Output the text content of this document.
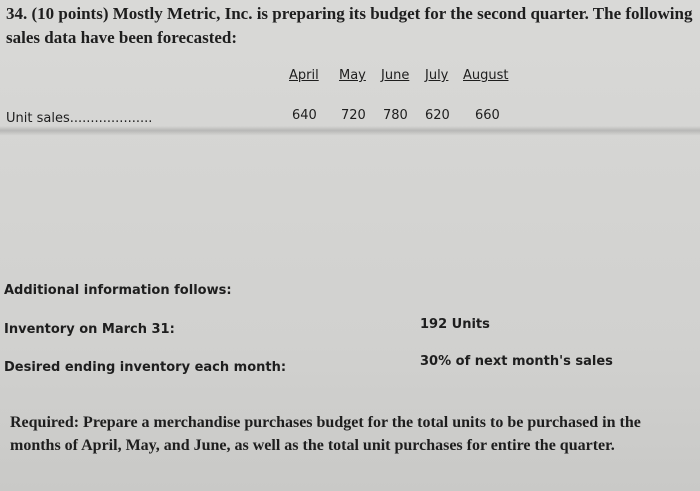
34. (10 points) Mostly Metric, Inc. is preparing its budget for the second quarter. The following
sales data have been forecasted:
April May June July August
Unit sales....................	640 720 780 620 660
Additional information follows:
Inventory on March 31:	192 Units
Desired ending inventory each month:	30% of next month's sales
Required: Prepare a merchandise purchases budget for the total units to be purchased in the
months of April, May, and June, as well as the total unit purchases for entire the quarter.
